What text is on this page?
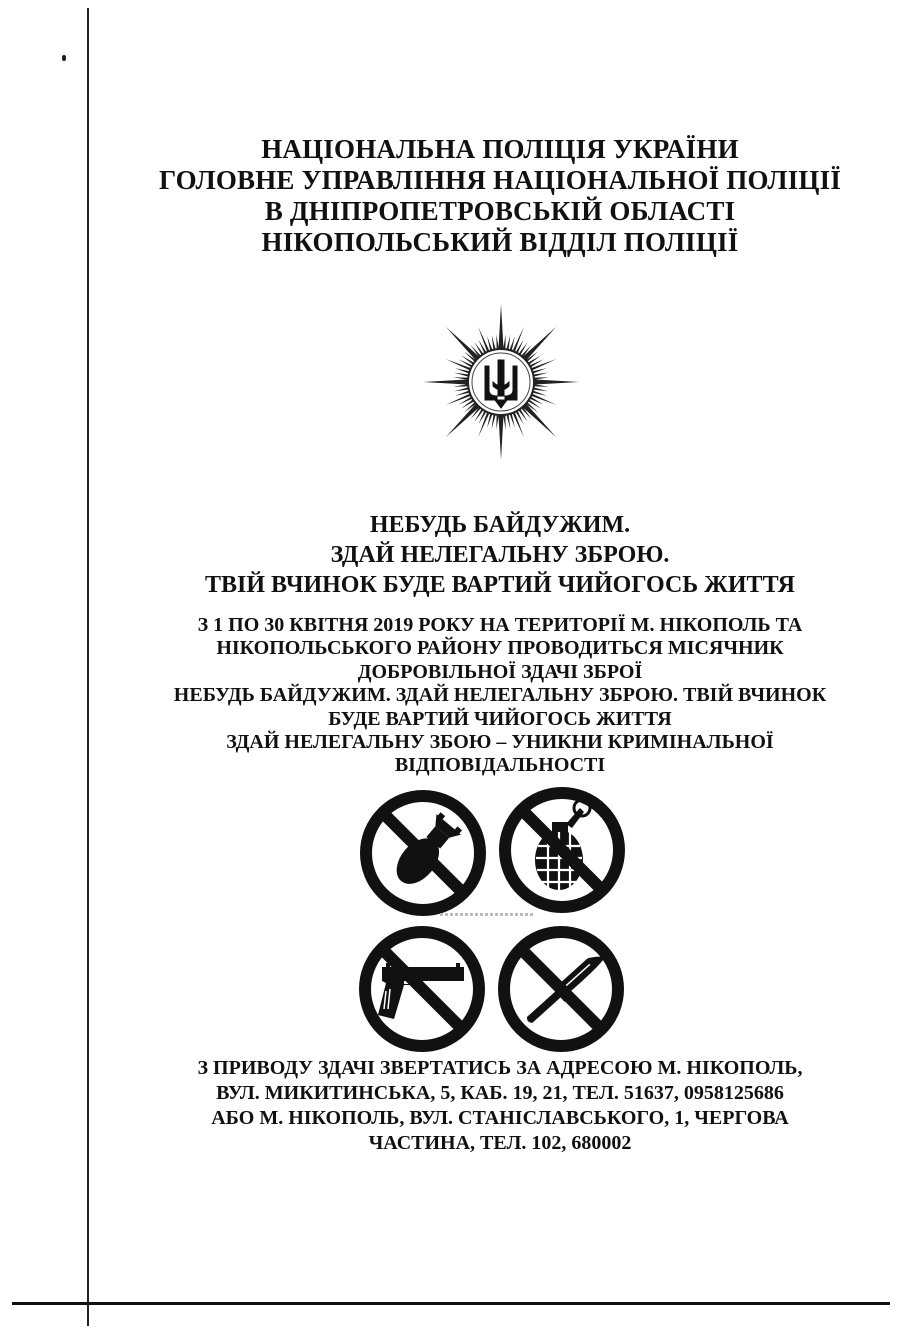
НАЦІОНАЛЬНА ПОЛІЦІЯ УКРАЇНИ
ГОЛОВНЕ УПРАВЛІННЯ НАЦІОНАЛЬНОЇ ПОЛІЦІЇ
В ДНІПРОПЕТРОВСЬКІЙ ОБЛАСТІ
НІКОПОЛЬСЬКИЙ ВІДДІЛ ПОЛІЦІЇ
НЕБУДЬ БАЙДУЖИМ.
ЗДАЙ НЕЛЕГАЛЬНУ ЗБРОЮ.
ТВІЙ ВЧИНОК БУДЕ ВАРТИЙ ЧИЙОГОСЬ ЖИТТЯ
З 1 ПО 30 КВІТНЯ 2019 РОКУ НА ТЕРИТОРІЇ М. НІКОПОЛЬ ТА
НІКОПОЛЬСЬКОГО РАЙОНУ ПРОВОДИТЬСЯ МІСЯЧНИК
ДОБРОВІЛЬНОЇ ЗДАЧІ ЗБРОЇ
НЕБУДЬ БАЙДУЖИМ. ЗДАЙ НЕЛЕГАЛЬНУ ЗБРОЮ. ТВІЙ ВЧИНОК
БУДЕ ВАРТИЙ ЧИЙОГОСЬ ЖИТТЯ
ЗДАЙ НЕЛЕГАЛЬНУ ЗБОЮ – УНИКНИ КРИМІНАЛЬНОЇ
ВІДПОВІДАЛЬНОСТІ
З ПРИВОДУ ЗДАЧІ ЗВЕРТАТИСЬ ЗА АДРЕСОЮ М. НІКОПОЛЬ,
ВУЛ. МИКИТИНСЬКА, 5, КАБ. 19, 21, ТЕЛ. 51637, 0958125686
АБО М. НІКОПОЛЬ, ВУЛ. СТАНІСЛАВСЬКОГО, 1, ЧЕРГОВА
ЧАСТИНА, ТЕЛ. 102, 680002
